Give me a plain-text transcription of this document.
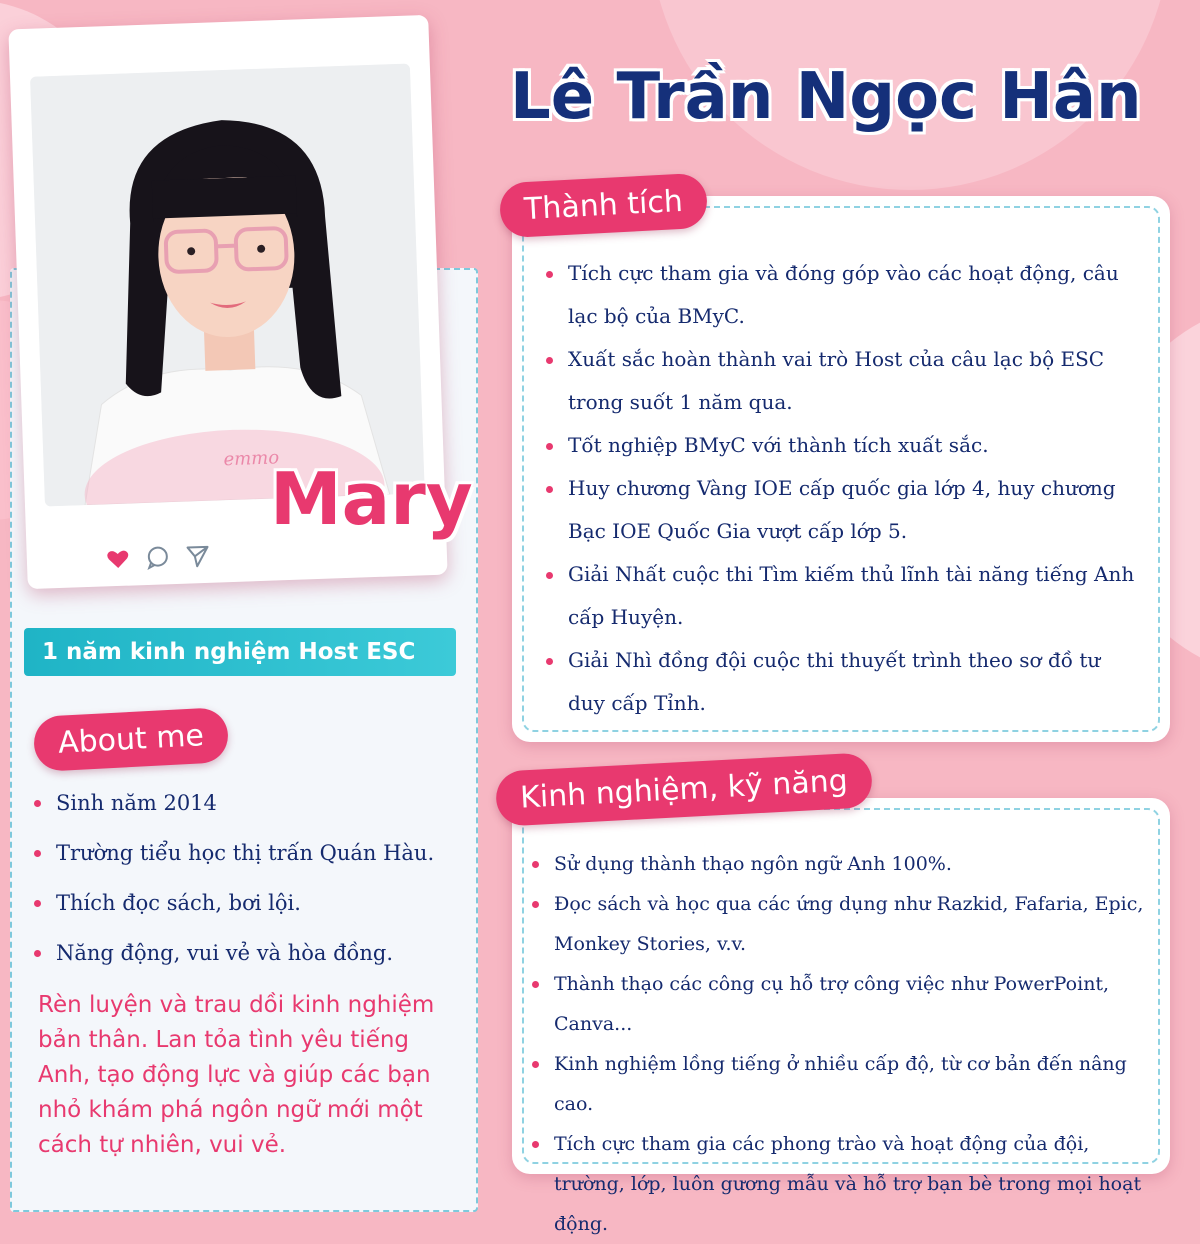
Mary
1 năm kinh nghiệm Host ESC
About me
Sinh năm 2014
Trường tiểu học thị trấn Quán Hàu.
Thích đọc sách, bơi lội.
Năng động, vui vẻ và hòa đồng.
Rèn luyện và trau dồi kinh nghiệm bản thân. Lan tỏa tình yêu tiếng Anh, tạo động lực và giúp các bạn nhỏ khám phá ngôn ngữ mới một cách tự nhiên, vui vẻ.
Lê Trần Ngọc Hân
Tích cực tham gia và đóng góp vào các hoạt động, câu lạc bộ của BMyC.
Xuất sắc hoàn thành vai trò Host của câu lạc bộ ESC trong suốt 1 năm qua.
Tốt nghiệp BMyC với thành tích xuất sắc.
Huy chương Vàng IOE cấp quốc gia lớp 4, huy chương Bạc IOE Quốc Gia vượt cấp lớp 5.
Giải Nhất cuộc thi Tìm kiếm thủ lĩnh tài năng tiếng Anh cấp Huyện.
Giải Nhì đồng đội cuộc thi thuyết trình theo sơ đồ tư duy cấp Tỉnh.
Thành tích
Sử dụng thành thạo ngôn ngữ Anh 100%.
Đọc sách và học qua các ứng dụng như Razkid, Fafaria, Epic, Monkey Stories, v.v.
Thành thạo các công cụ hỗ trợ công việc như PowerPoint, Canva...
Kinh nghiệm lồng tiếng ở nhiều cấp độ, từ cơ bản đến nâng cao.
Tích cực tham gia các phong trào và hoạt động của đội, trường, lớp, luôn gương mẫu và hỗ trợ bạn bè trong mọi hoạt động.
Kinh nghiệm, kỹ năng
